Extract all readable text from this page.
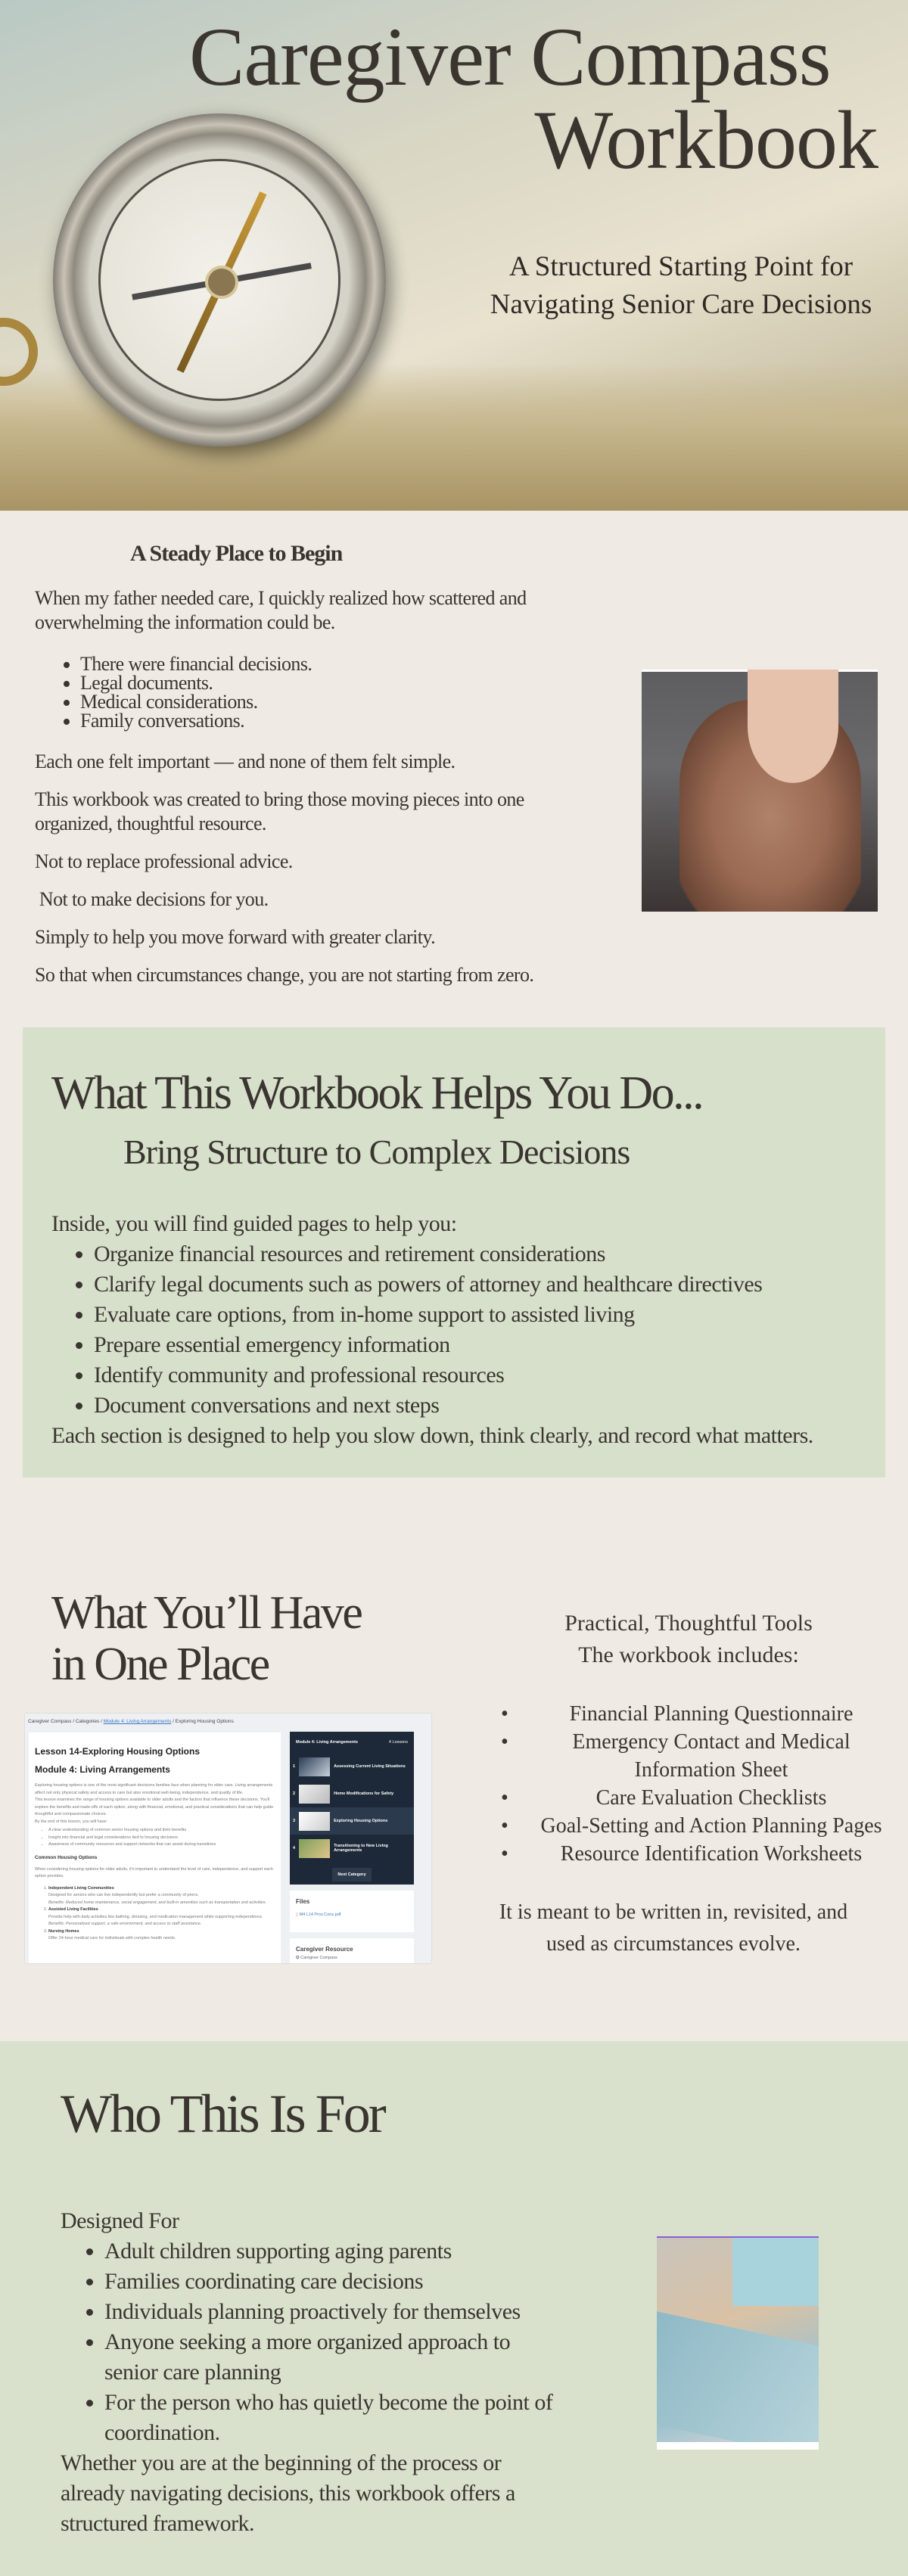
Caregiver Compass
Workbook
A Structured Starting Point for
Navigating Senior Care Decisions
A Steady Place to Begin

When my father needed care, I quickly realized how scattered and overwhelming the information could be.

• There were financial decisions.
• Legal documents.
• Medical considerations.
• Family conversations.

Each one felt important — and none of them felt simple.

This workbook was created to bring those moving pieces into one organized, thoughtful resource.

Not to replace professional advice.

Not to make decisions for you.

Simply to help you move forward with greater clarity.

So that when circumstances change, you are not starting from zero.

What This Workbook Helps You Do...
Bring Structure to Complex Decisions

Inside, you will find guided pages to help you:

• Organize financial resources and retirement considerations
• Clarify legal documents such as powers of attorney and healthcare directives
• Evaluate care options, from in-home support to assisted living
• Prepare essential emergency information
• Identify community and professional resources
• Document conversations and next steps

Each section is designed to help you slow down, think clearly, and record what matters.

What You’ll Have
in One Place

Practical, Thoughtful Tools

The workbook includes:

•	Financial Planning Questionnaire
•	Emergency Contact and Medical Information Sheet
•	Care Evaluation Checklists
• Goal-Setting and Action Planning Pages
• Resource Identification Worksheets

It is meant to be written in, revisited, and used as circumstances evolve.

Caregiver Compass / Categories / Module 4: Living Arrangements / Exploring Housing Options
Lesson 14-Exploring Housing Options
Module 4: Living Arrangements

Exploring housing options is one of the most significant decisions families face when planning for elder care. Living arrangements affect not only physical safety and access to care but also emotional well-being, independence, and quality of life.

This lesson examines the range of housing options available to older adults and the factors that influence these decisions. You'll explore the benefits and trade-offs of each option, along with financial, emotional, and practical considerations that can help guide thoughtful and compassionate choices.

By the end of this lesson, you will have:

• A clear understanding of common senior housing options and their benefits
• Insight into financial and legal considerations tied to housing decisions
• Awareness of community resources and support networks that can assist during transitions
Common Housing Options

When considering housing options for older adults, it's important to understand the level of care, independence, and support each option provides.

1. Independent Living Communities
Designed for seniors who can live independently but prefer a community of peers.
Benefits: Reduced home maintenance, social engagement, and built-in amenities such as transportation and activities.
2. Assisted Living Facilities
Provide help with daily activities like bathing, dressing, and medication management while supporting independence.
Benefits: Personalized support, a safe environment, and access to staff assistance.
3. Nursing Homes
Offer 24-hour medical care for individuals with complex health needs.
Module 4: Living Arrangements	4 Lessons
1	Assessing Current Living Situations
2	Home Modifications for Safety
3	Exploring Housing Options
4	Transitioning to New Living Arrangements
Next Category
Files
▯ M4 L14 Pros Cons.pdf
Caregiver Resource
✪ Caregiver Compass
Who This Is For

Designed For

• Adult children supporting aging parents
• Families coordinating care decisions
• Individuals planning proactively for themselves
• Anyone seeking a more organized approach to senior care planning
• For the person who has quietly become the point of coordination.

Whether you are at the beginning of the process or already navigating decisions, this workbook offers a structured framework.
